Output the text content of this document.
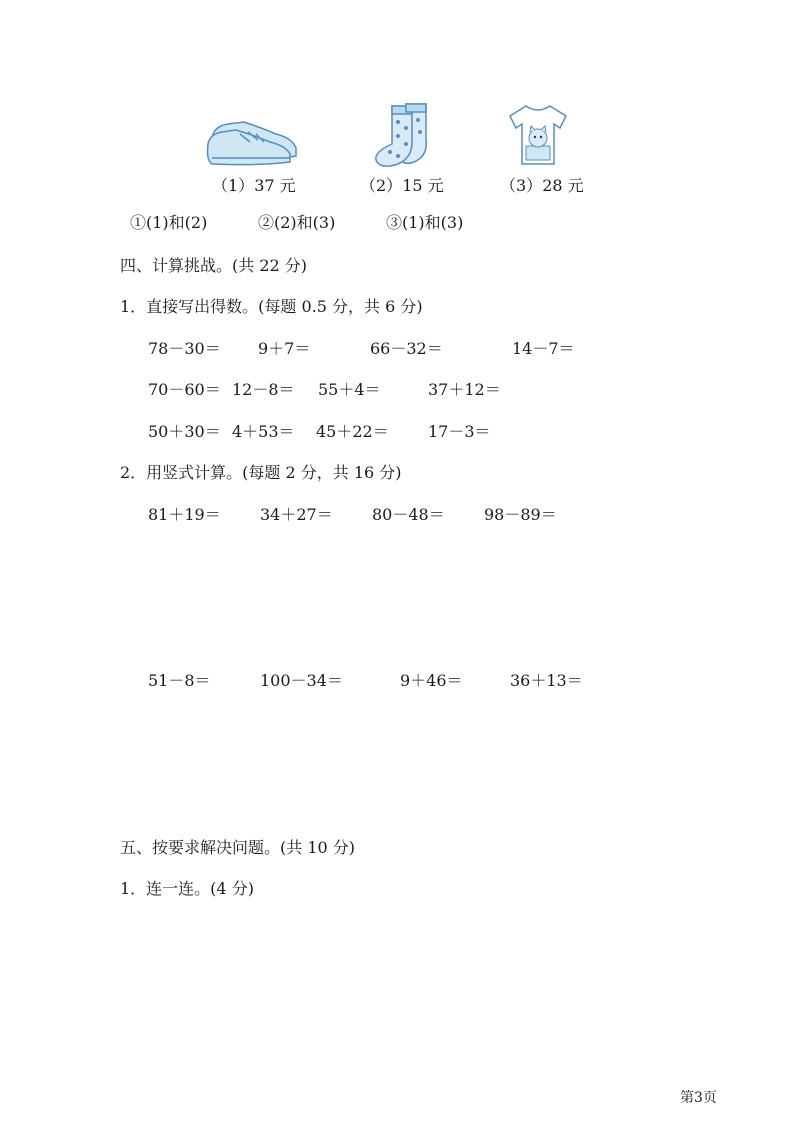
（1）37 元	（2）15 元	（3）28 元
①(1)和(2)	②(2)和(3)	③(1)和(3)
四、计算挑战。(共 22 分)
1．直接写出得数。(每题 0.5 分，共 6 分)
78－30＝ 9＋7＝	66－32＝	14－7＝
70－60＝ 12－8＝ 55＋4＝	37＋12＝
50＋30＝ 4＋53＝ 45＋22＝ 17－3＝
2．用竖式计算。(每题 2 分，共 16 分)
81＋19＝ 34＋27＝ 80－48＝ 98－89＝
51－8＝	100－34＝	9＋46＝	36＋13＝
五、按要求解决问题。(共 10 分)
1．连一连。(4 分)
第3页
